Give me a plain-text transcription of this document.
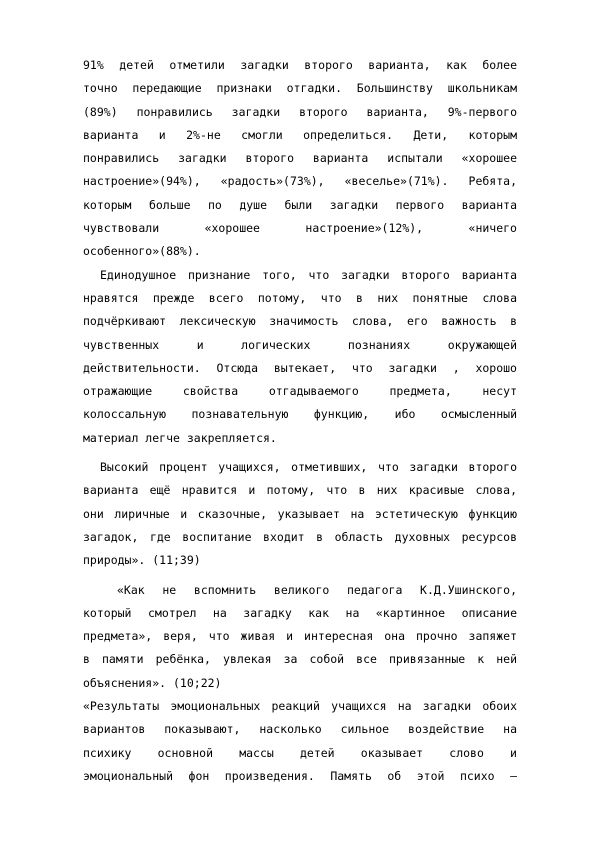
91% детей отметили загадки второго варианта, как более
точно передающие признаки отгадки. Большинству школьникам
(89%) понравились загадки второго варианта, 9%-первого
варианта и 2%-не смогли определиться. Дети, которым
понравились загадки второго варианта испытали «хорошее
настроение»(94%), «радость»(73%), «веселье»(71%). Ребята,
которым больше по душе были загадки первого варианта
чувствовали «хорошее настроение»(12%), «ничего
особенного»(88%).
Единодушное признание того, что загадки второго варианта
нравятся прежде всего потому, что в них понятные слова
подчёркивают лексическую значимость слова, его важность в
чувственных и логических познаниях окружающей
действительности. Отсюда вытекает, что загадки , хорошо
отражающие свойства отгадываемого предмета, несут
колоссальную познавательную функцию, ибо осмысленный
материал легче закрепляется.
Высокий процент учащихся, отметивших, что загадки второго
варианта ещё нравится и потому, что в них красивые слова,
они лиричные и сказочные, указывает на эстетическую функцию
загадок, где воспитание входит в область духовных ресурсов
природы». (11;39)
«Как не вспомнить великого педагога К.Д.Ушинского,
который смотрел на загадку как на «картинное описание
предмета», веря, что живая и интересная она прочно запяжет
в памяти ребёнка, увлекая за собой все привязанные к ней
объяснения». (10;22)
«Результаты эмоциональных реакций учащихся на загадки обоих
вариантов показывают, насколько сильное воздействие на
психику основной массы детей оказывает слово и
эмоциональный фон произведения. Память об этой психо –
